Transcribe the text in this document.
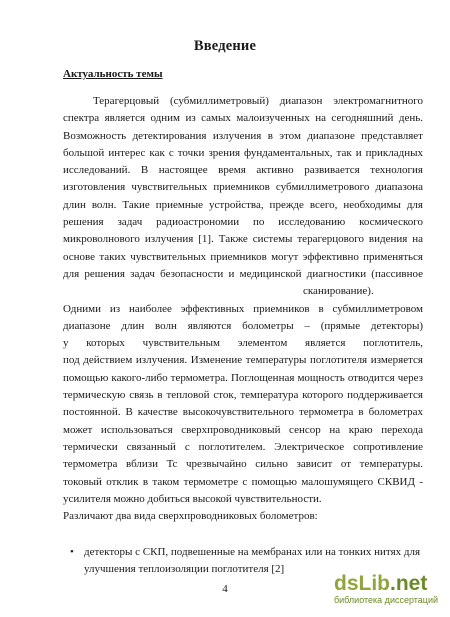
Введение
Актуальность темы
Терагерцовый (субмиллиметровый) диапазон электромагнитного
спектра является одним из самых малоизученных на сегодняшний день.
Возможность детектирования излучения в этом диапазоне представляет
большой интерес как с точки зрения фундаментальных, так и прикладных
исследований. В настоящее время активно развивается технология
изготовления чувствительных приемников субмиллиметрового диапазона
длин волн. Такие приемные устройства, прежде всего, необходимы для
решения задач радиоастрономии по исследованию космического
микроволнового излучения [1]. Также системы терагерцового видения на
основе таких чувствительных приемников могут эффективно применяться
для решения задач безопасности и медицинской диагностики (пассивное
сканирование).
Одними из наиболее эффективных приемников в субмиллиметровом
диапазоне длин волн являются болометры – (прямые детекторы)
у которых чувствительным элементом является поглотитель,
под действием излучения. Изменение температуры поглотителя измеряется
помощью какого-либо термометра. Поглощенная мощность отводится через
термическую связь в тепловой сток, температура которого поддерживается
постоянной. В качестве высокочувствительного термометра в болометрах
может использоваться сверхпроводниковый сенсор на краю перехода
термически связанный с поглотителем. Электрическое сопротивление
термометра вблизи Tc чрезвычайно сильно зависит от температуры.
токовый отклик в таком термометре с помощью малошумящего СКВИД -
усилителя можно добиться высокой чувствительности.
Различают два вида сверхпроводниковых болометров:
• детекторы с СКП, подвешенные на мембранах или на тонких нитях для
улучшения теплоизоляции поглотителя [2]
4	dsLib.net
библиотека диссертаций
